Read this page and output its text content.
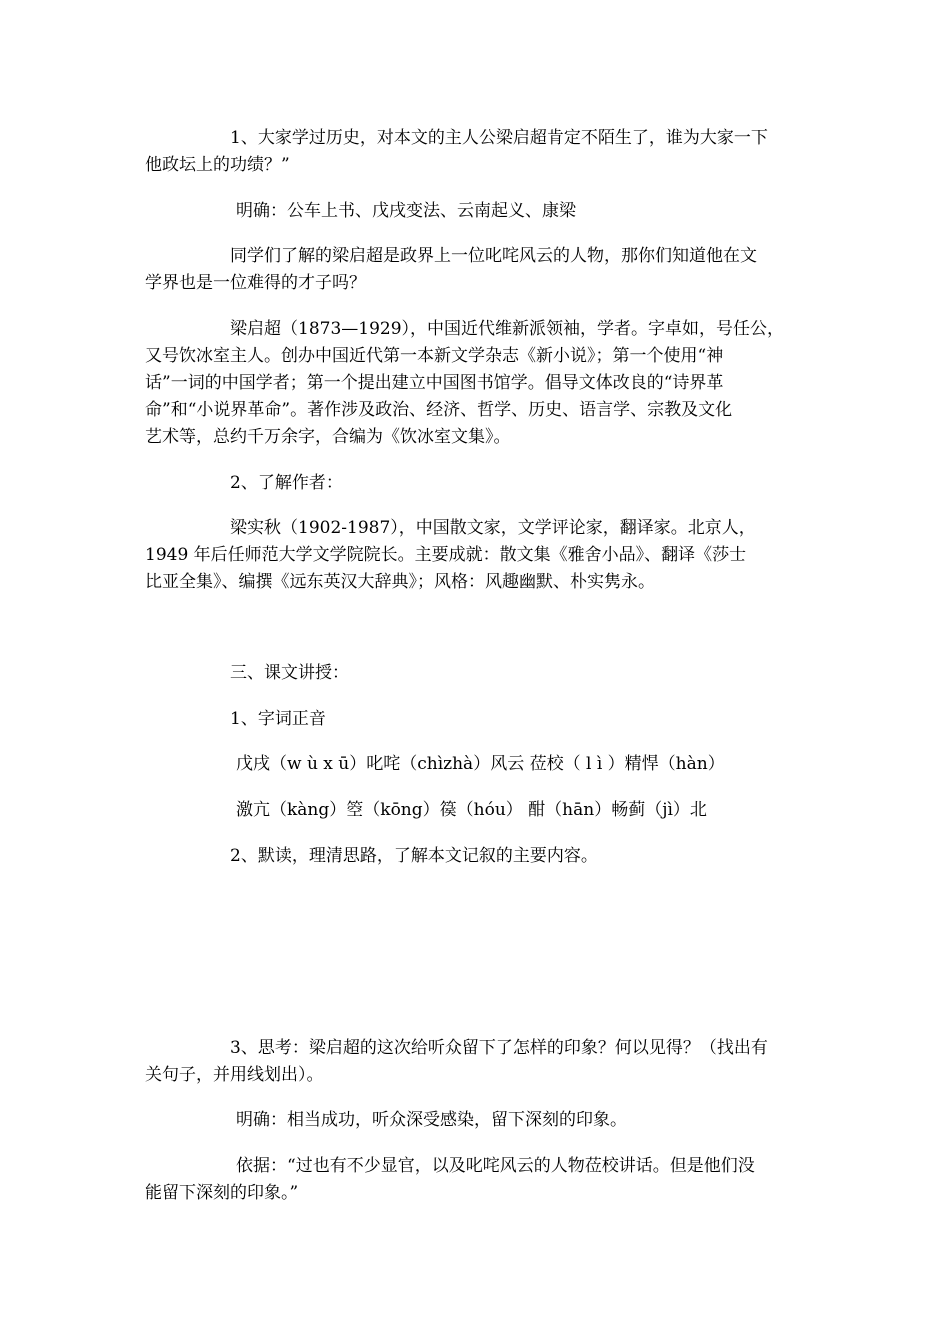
1、大家学过历史，对本文的主人公梁启超肯定不陌生了，谁为大家一下
他政坛上的功绩？”
明确：公车上书、戊戌变法、云南起义、康梁
同学们了解的梁启超是政界上一位叱咤风云的人物，那你们知道他在文
学界也是一位难得的才子吗？
梁启超（1873—1929），中国近代维新派领袖，学者。字卓如，号任公，
又号饮冰室主人。创办中国近代第一本新文学杂志《新小说》；第一个使用“神
话”一词的中国学者；第一个提出建立中国图书馆学。倡导文体改良的“诗界革
命”和“小说界革命”。著作涉及政治、经济、哲学、历史、语言学、宗教及文化
艺术等，总约千万余字，合编为《饮冰室文集》。
2、了解作者：
梁实秋（1902-1987），中国散文家，文学评论家，翻译家。北京人，
1949 年后任师范大学文学院院长。主要成就：散文集《雅舍小品》、翻译《莎士
比亚全集》、编撰《远东英汉大辞典》；风格：风趣幽默、朴实隽永。
三、课文讲授：
1、字词正音
戊戌（w ù x ū）叱咤（chìzhà）风云 莅校（ l ì ）精悍（hàn）
激亢（kàng）箜（kōng）篌（hóu） 酣（hān）畅蓟（jì）北
2、默读，理清思路，了解本文记叙的主要内容。
3、思考：梁启超的这次给听众留下了怎样的印象？何以见得？（找出有
关句子，并用线划出）。
明确：相当成功，听众深受感染，留下深刻的印象。
依据：“过也有不少显官，以及叱咤风云的人物莅校讲话。但是他们没
能留下深刻的印象。”
